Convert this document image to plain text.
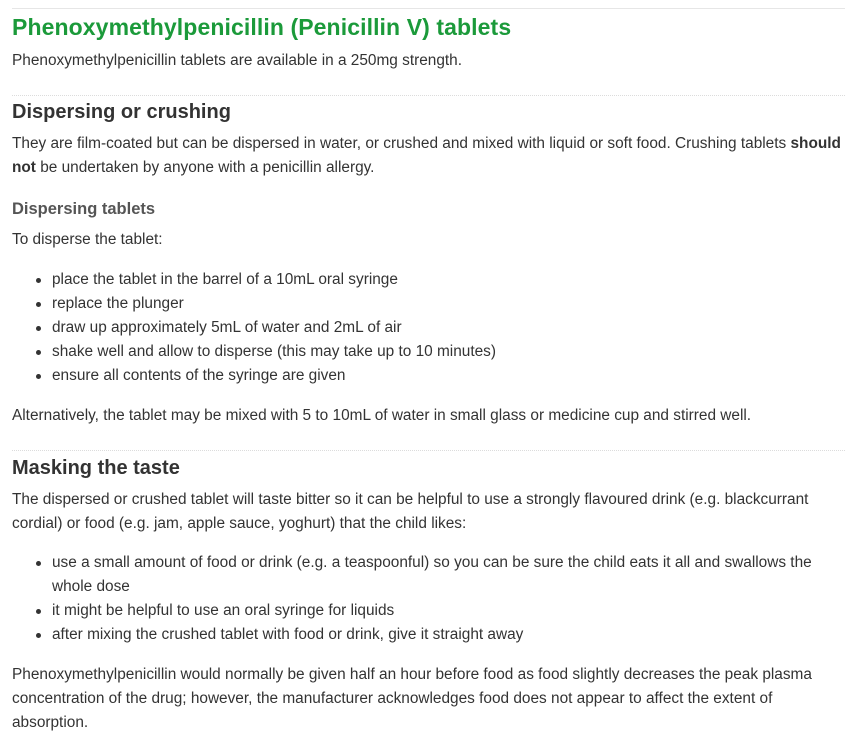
Phenoxymethylpenicillin (Penicillin V) tablets

Phenoxymethylpenicillin tablets are available in a 250mg strength.

Dispersing or crushing

They are film-coated but can be dispersed in water, or crushed and mixed with liquid or soft food. Crushing tablets should not be undertaken by anyone with a penicillin allergy.

Dispersing tablets

To disperse the tablet:

place the tablet in the barrel of a 10mL oral syringe
replace the plunger
draw up approximately 5mL of water and 2mL of air
shake well and allow to disperse (this may take up to 10 minutes)
ensure all contents of the syringe are given

Alternatively, the tablet may be mixed with 5 to 10mL of water in small glass or medicine cup and stirred well.

Masking the taste

The dispersed or crushed tablet will taste bitter so it can be helpful to use a strongly flavoured drink (e.g. blackcurrant cordial) or food (e.g. jam, apple sauce, yoghurt) that the child likes:

use a small amount of food or drink (e.g. a teaspoonful) so you can be sure the child eats it all and swallows the whole dose
it might be helpful to use an oral syringe for liquids
after mixing the crushed tablet with food or drink, give it straight away

Phenoxymethylpenicillin would normally be given half an hour before food as food slightly decreases the peak plasma concentration of the drug; however, the manufacturer acknowledges food does not appear to affect the extent of absorption.
